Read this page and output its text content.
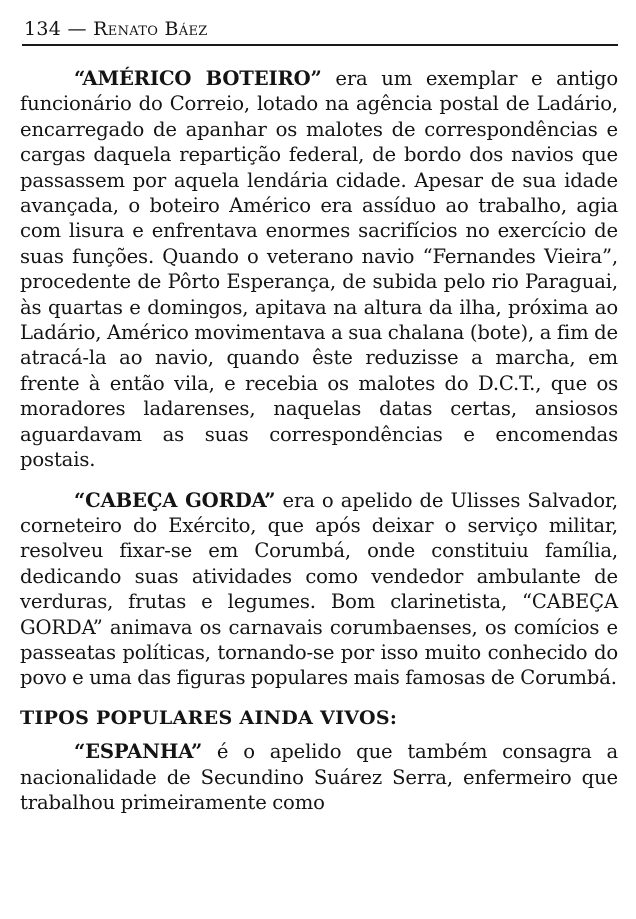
134 — Renato Báez

“AMÉRICO BOTEIRO” era um exemplar e antigo funcionário do Correio, lotado na agência postal de Ladário, encarregado de apanhar os malotes de correspondências e cargas daquela repartição federal, de bordo dos navios que passassem por aquela lendária cidade. Apesar de sua idade avançada, o boteiro Américo era assíduo ao trabalho, agia com lisura e enfrentava enormes sacrifícios no exercício de suas funções. Quando o veterano navio “Fernandes Vieira”, procedente de Pôrto Esperança, de subida pelo rio Paraguai, às quartas e domingos, apitava na altura da ilha, próxima ao Ladário, Américo movimentava a sua chalana (bote), a fim de atracá-la ao navio, quando êste reduzisse a marcha, em frente à então vila, e recebia os malotes do D.C.T., que os moradores ladarenses, naquelas datas certas, ansiosos aguardavam as suas correspondências e encomendas postais.

“CABEÇA GORDA” era o apelido de Ulisses Salvador, corneteiro do Exército, que após deixar o serviço militar, resolveu fixar-se em Corumbá, onde constituiu família, dedicando suas atividades como vendedor ambulante de verduras, frutas e legumes. Bom clarinetista, “CABEÇA GORDA” animava os carnavais corumbaenses, os comícios e passeatas políticas, tornando-se por isso muito conhecido do povo e uma das figuras populares mais famosas de Corumbá.

TIPOS POPULARES AINDA VIVOS:

“ESPANHA” é o apelido que também consagra a nacionalidade de Secundino Suárez Serra, enfermeiro que trabalhou primeiramente como
